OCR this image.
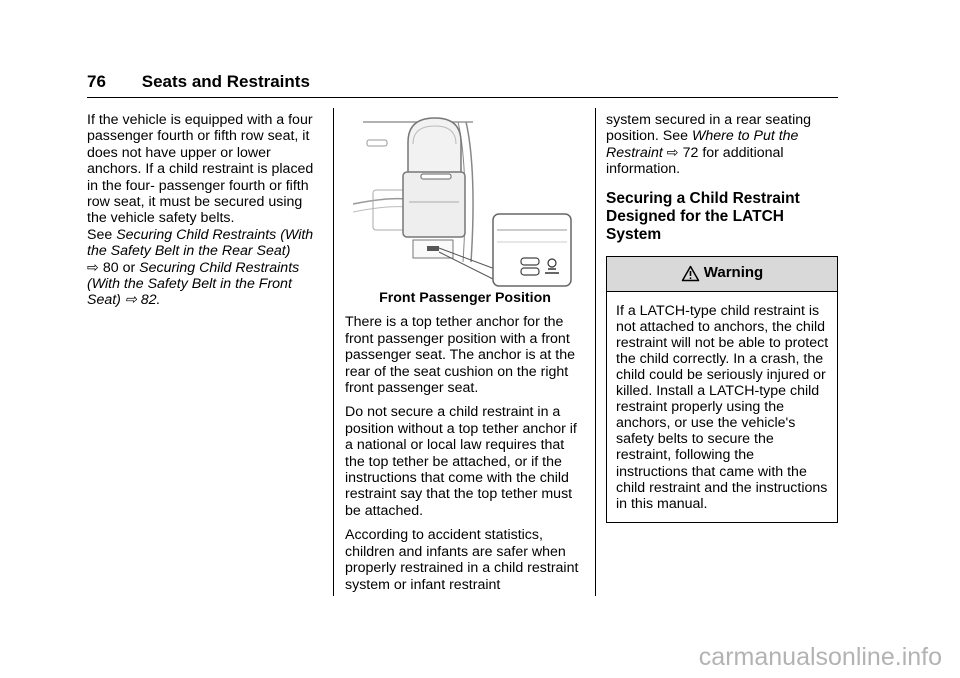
76 Seats and Restraints

If the vehicle is equipped with a four passenger fourth or fifth row seat, it does not have upper or lower anchors. If a child restraint is placed in the four- passenger fourth or fifth row seat, it must be secured using the vehicle safety belts.
See Securing Child Restraints (With the Safety Belt in the Rear Seat)
⇨ 80 or Securing Child Restraints (With the Safety Belt in the Front Seat) ⇨ 82.	Front Passenger Position

There is a top tether anchor for the front passenger position with a front passenger seat. The anchor is at the rear of the seat cushion on the right front passenger seat.

Do not secure a child restraint in a position without a top tether anchor if a national or local law requires that the top tether be attached, or if the instructions that come with the child restraint say that the top tether must be attached.

According to accident statistics, children and infants are safer when properly restrained in a child restraint system or infant restraint

system secured in a rear seating position. See Where to Put the Restraint ⇨ 72 for additional information.

Securing a Child Restraint Designed for the LATCH System
Warning
If a LATCH-type child restraint is not attached to anchors, the child restraint will not be able to protect the child correctly. In a crash, the child could be seriously injured or killed. Install a LATCH-type child restraint properly using the anchors, or use the vehicle's safety belts to secure the restraint, following the instructions that came with the child restraint and the instructions in this manual.
carmanualsonline.info
